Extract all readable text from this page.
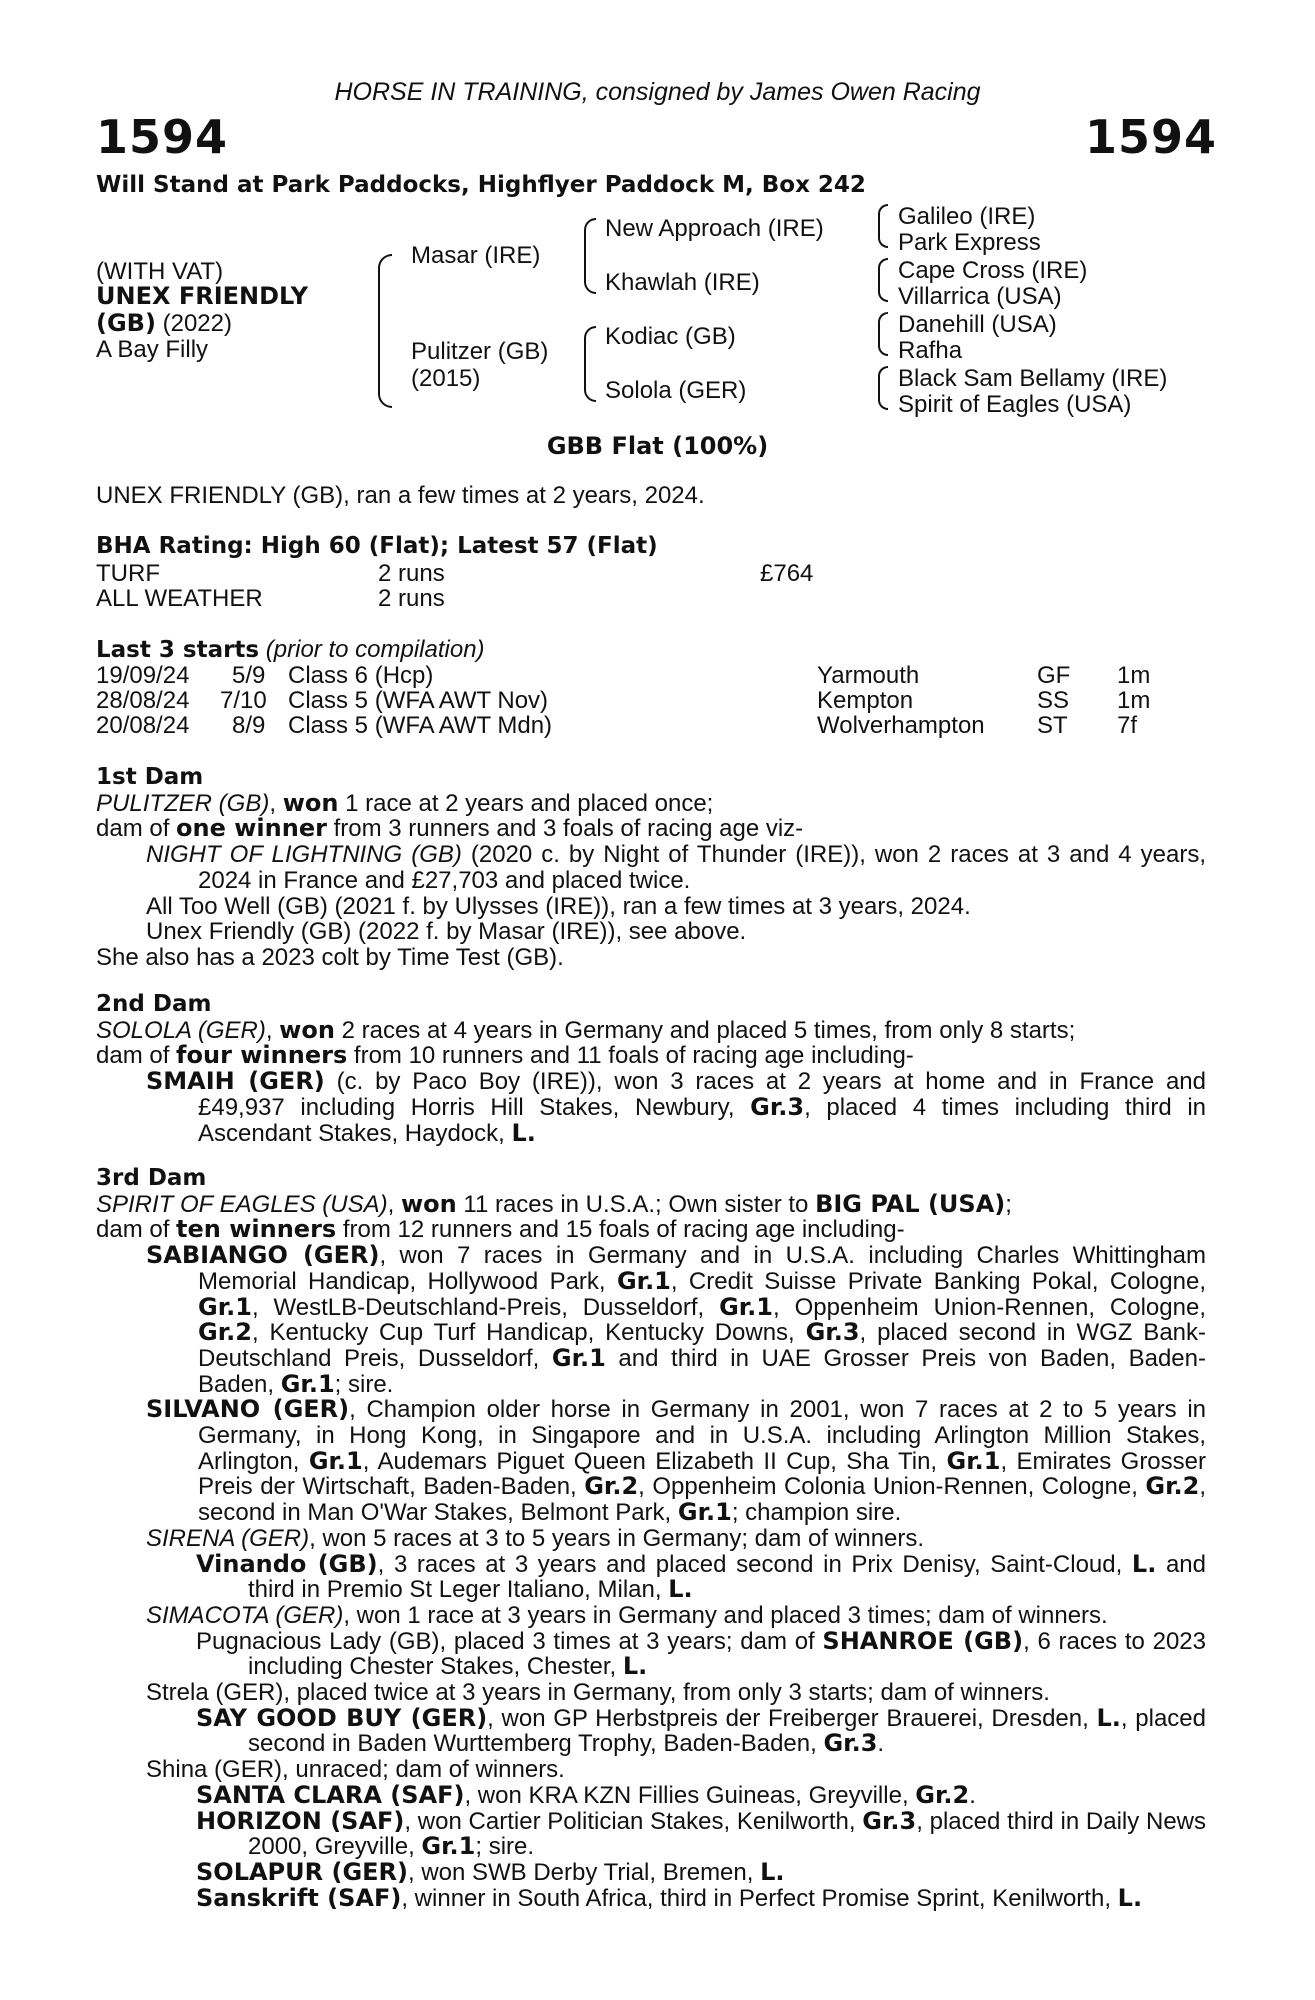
HORSE IN TRAINING, consigned by James Owen Racing
1594	1594
Will Stand at Park Paddocks, Highflyer Paddock M, Box 242
(WITH VAT)
UNEX FRIENDLY
(GB) (2022)
A Bay Filly
Masar (IRE)
Pulitzer (GB)
(2015)
New Approach (IRE)
Khawlah (IRE)
Kodiac (GB)
Solola (GER)
Galileo (IRE)
Park Express
Cape Cross (IRE)
Villarrica (USA)
Danehill (USA)
Rafha
Black Sam Bellamy (IRE)
Spirit of Eagles (USA)
GBB Flat (100%)
UNEX FRIENDLY (GB), ran a few times at 2 years, 2024.
BHA Rating: High 60 (Flat); Latest 57 (Flat)
TURF	2 runs	£764
ALL WEATHER	2 runs
Last 3 starts (prior to compilation)
19/09/24 5/9 Class 6 (Hcp)	Yarmouth	GF 1m
28/08/24 7/10 Class 5 (WFA AWT Nov)	Kempton	SS 1m
20/08/24 8/9 Class 5 (WFA AWT Mdn)	Wolverhampton ST 7f

1st Dam

PULITZER (GB), won 1 race at 2 years and placed once;

dam of one winner from 3 runners and 3 foals of racing age viz-

NIGHT OF LIGHTNING (GB) (2020 c. by Night of Thunder (IRE)), won 2 races at 3 and 4 years, 2024 in France and £27,703 and placed twice.

All Too Well (GB) (2021 f. by Ulysses (IRE)), ran a few times at 3 years, 2024.

Unex Friendly (GB) (2022 f. by Masar (IRE)), see above.

She also has a 2023 colt by Time Test (GB).

2nd Dam

SOLOLA (GER), won 2 races at 4 years in Germany and placed 5 times, from only 8 starts;

dam of four winners from 10 runners and 11 foals of racing age including-

SMAIH (GER) (c. by Paco Boy (IRE)), won 3 races at 2 years at home and in France and £49,937 including Horris Hill Stakes, Newbury, Gr.3, placed 4 times including third in Ascendant Stakes, Haydock, L.

3rd Dam

SPIRIT OF EAGLES (USA), won 11 races in U.S.A.; Own sister to BIG PAL (USA);

dam of ten winners from 12 runners and 15 foals of racing age including-

SABIANGO (GER), won 7 races in Germany and in U.S.A. including Charles Whittingham Memorial Handicap, Hollywood Park, Gr.1, Credit Suisse Private Banking Pokal, Cologne, Gr.1, WestLB-Deutschland-Preis, Dusseldorf, Gr.1, Oppenheim Union-Rennen, Cologne, Gr.2, Kentucky Cup Turf Handicap, Kentucky Downs, Gr.3, placed second in WGZ Bank-Deutschland Preis, Dusseldorf, Gr.1 and third in UAE Grosser Preis von Baden, Baden-Baden, Gr.1; sire.

SILVANO (GER), Champion older horse in Germany in 2001, won 7 races at 2 to 5 years in Germany, in Hong Kong, in Singapore and in U.S.A. including Arlington Million Stakes, Arlington, Gr.1, Audemars Piguet Queen Elizabeth II Cup, Sha Tin, Gr.1, Emirates Grosser Preis der Wirtschaft, Baden-Baden, Gr.2, Oppenheim Colonia Union-Rennen, Cologne, Gr.2, second in Man O'War Stakes, Belmont Park, Gr.1; champion sire.

SIRENA (GER), won 5 races at 3 to 5 years in Germany; dam of winners.

Vinando (GB), 3 races at 3 years and placed second in Prix Denisy, Saint-Cloud, L. and third in Premio St Leger Italiano, Milan, L.

SIMACOTA (GER), won 1 race at 3 years in Germany and placed 3 times; dam of winners.

Pugnacious Lady (GB), placed 3 times at 3 years; dam of SHANROE (GB), 6 races to 2023 including Chester Stakes, Chester, L.

Strela (GER), placed twice at 3 years in Germany, from only 3 starts; dam of winners.

SAY GOOD BUY (GER), won GP Herbstpreis der Freiberger Brauerei, Dresden, L., placed second in Baden Wurttemberg Trophy, Baden-Baden, Gr.3.

Shina (GER), unraced; dam of winners.

SANTA CLARA (SAF), won KRA KZN Fillies Guineas, Greyville, Gr.2.

HORIZON (SAF), won Cartier Politician Stakes, Kenilworth, Gr.3, placed third in Daily News 2000, Greyville, Gr.1; sire.

SOLAPUR (GER), won SWB Derby Trial, Bremen, L.

Sanskrift (SAF), winner in South Africa, third in Perfect Promise Sprint, Kenilworth, L.
